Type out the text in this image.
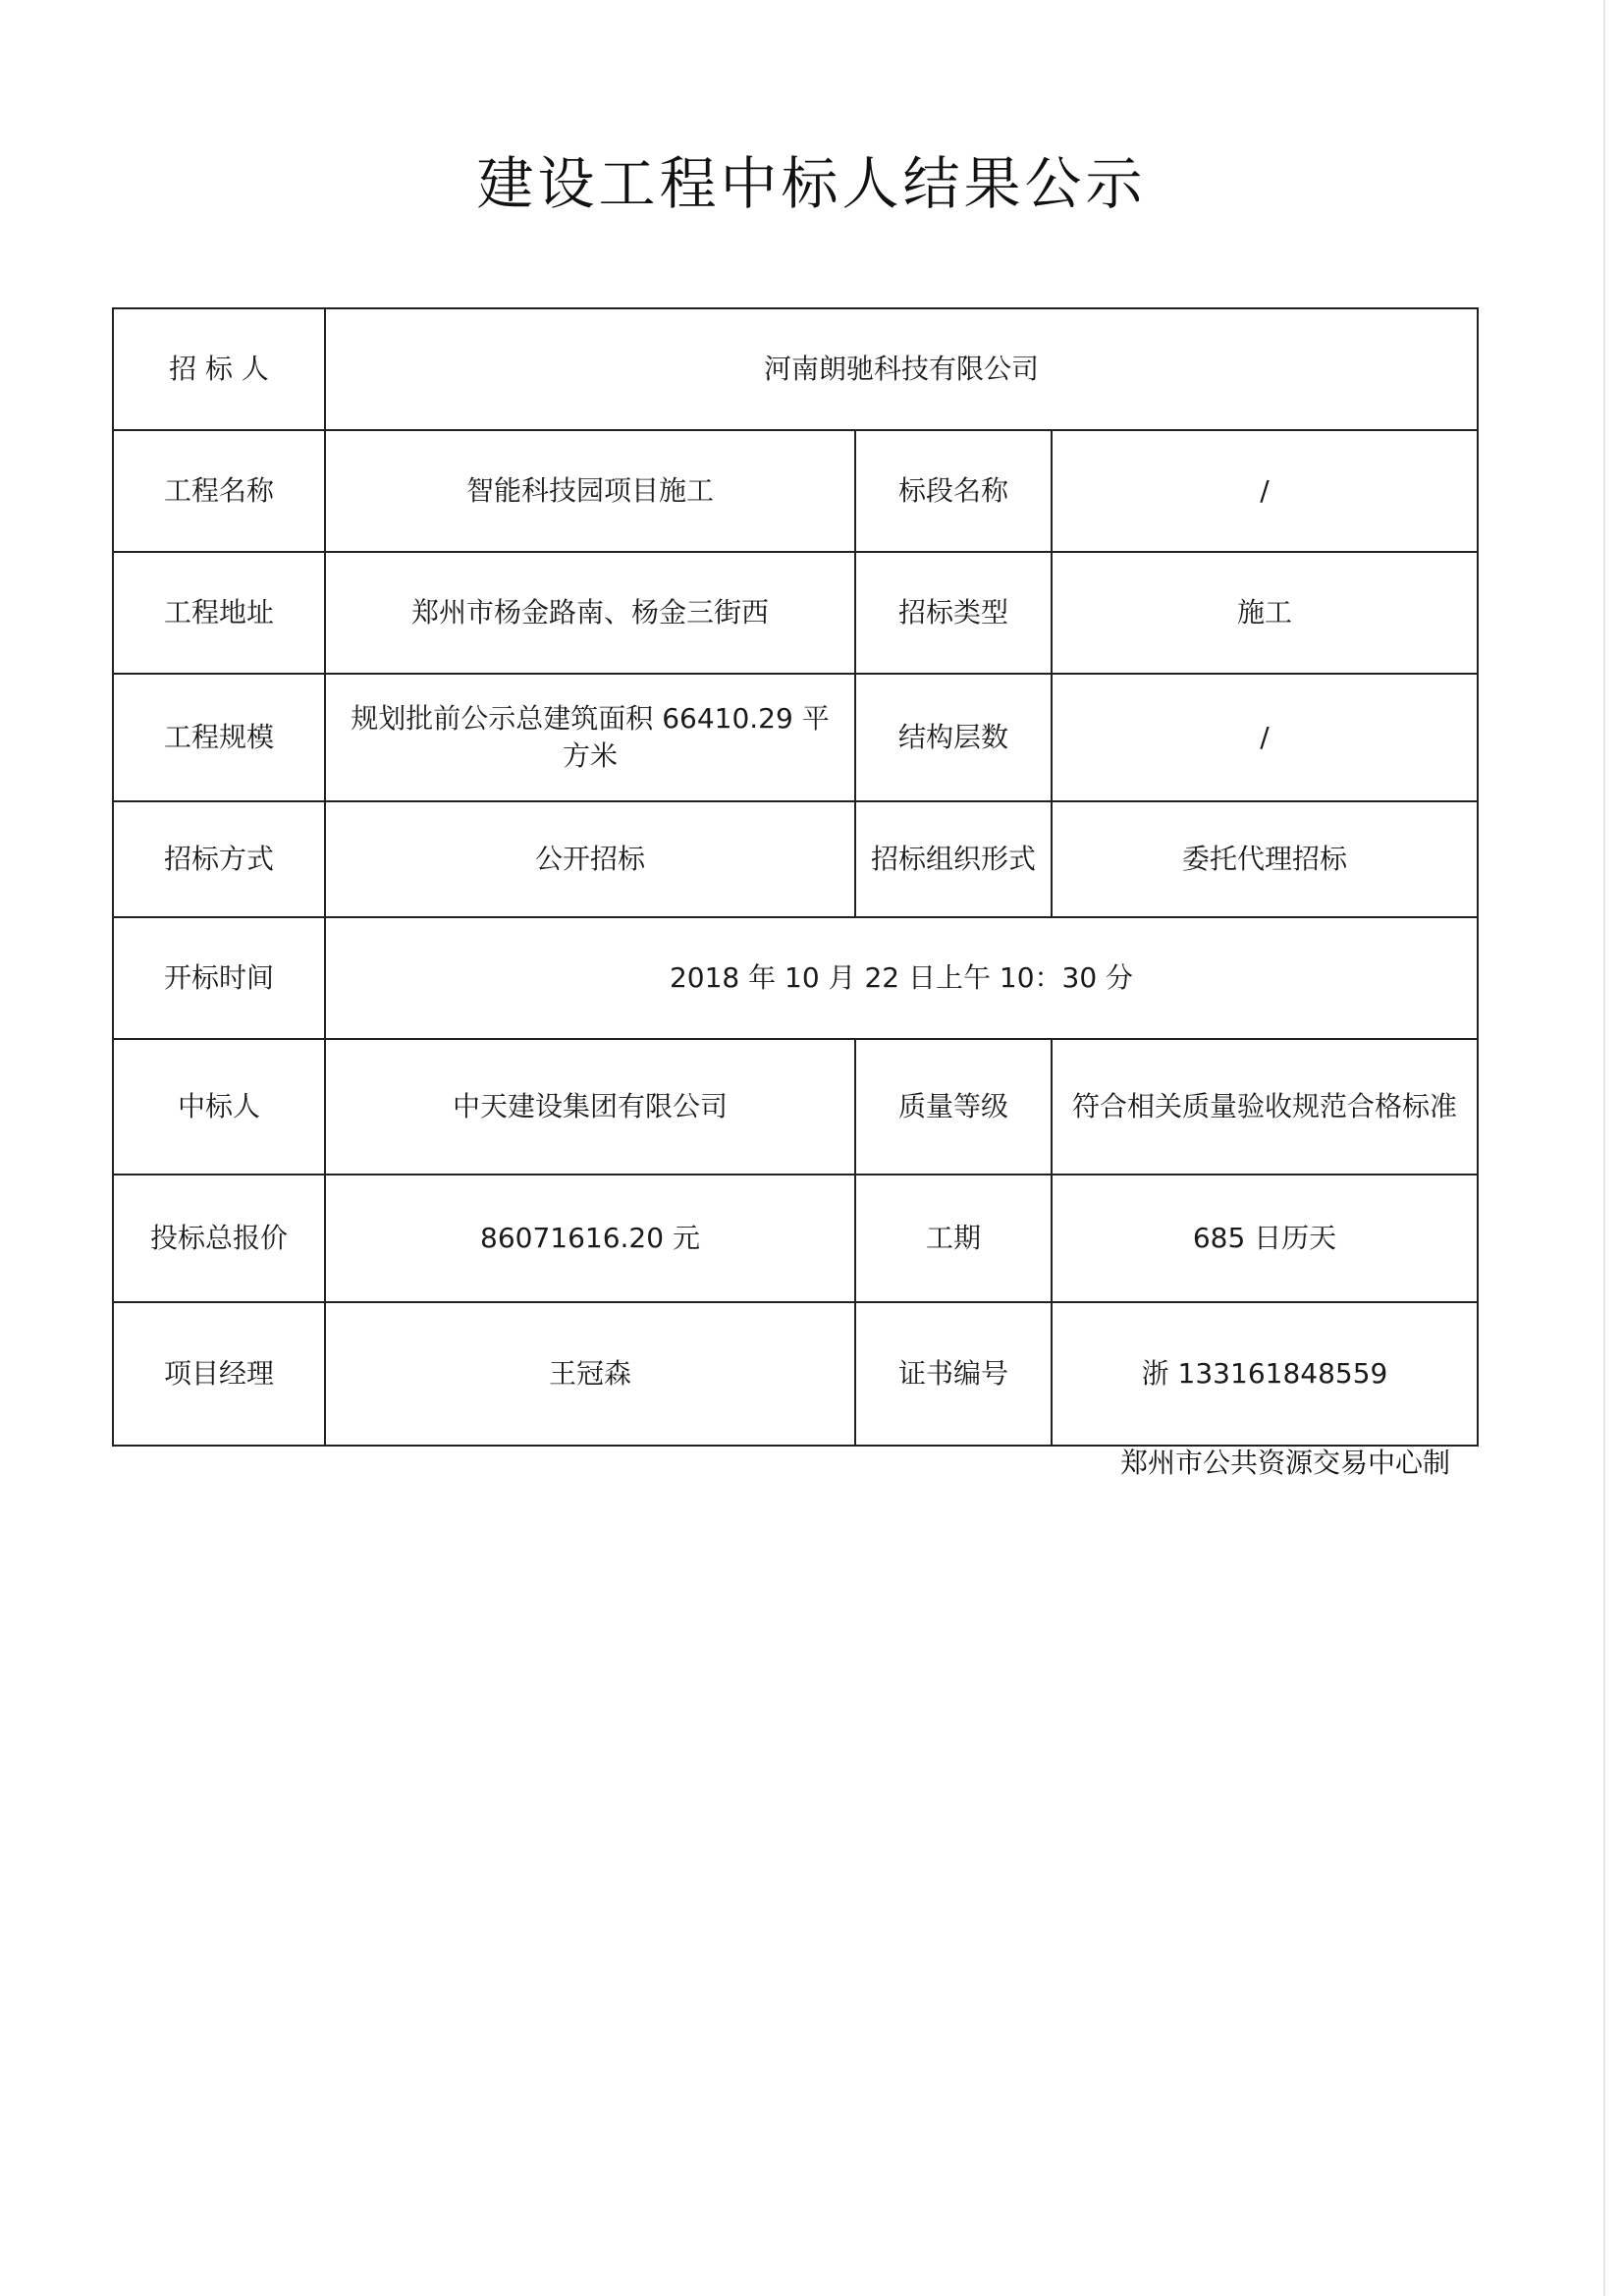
建设工程中标人结果公示
招 标 人	河南朗驰科技有限公司		
工程名称	智能科技园项目施工	标段名称	/
工程地址	郑州市杨金路南、杨金三街西	招标类型	施工
工程规模	规划批前公示总建筑面积 66410.29 平方米	结构层数	/
招标方式	公开招标	招标组织形式	委托代理招标
开标时间	2018 年 10 月 22 日上午 10：30 分		
中标人	中天建设集团有限公司	质量等级	符合相关质量验收规范合格标准
投标总报价	86071616.20 元	工期	685 日历天
项目经理	王冠森	证书编号	浙 133161848559
郑州市公共资源交易中心制
